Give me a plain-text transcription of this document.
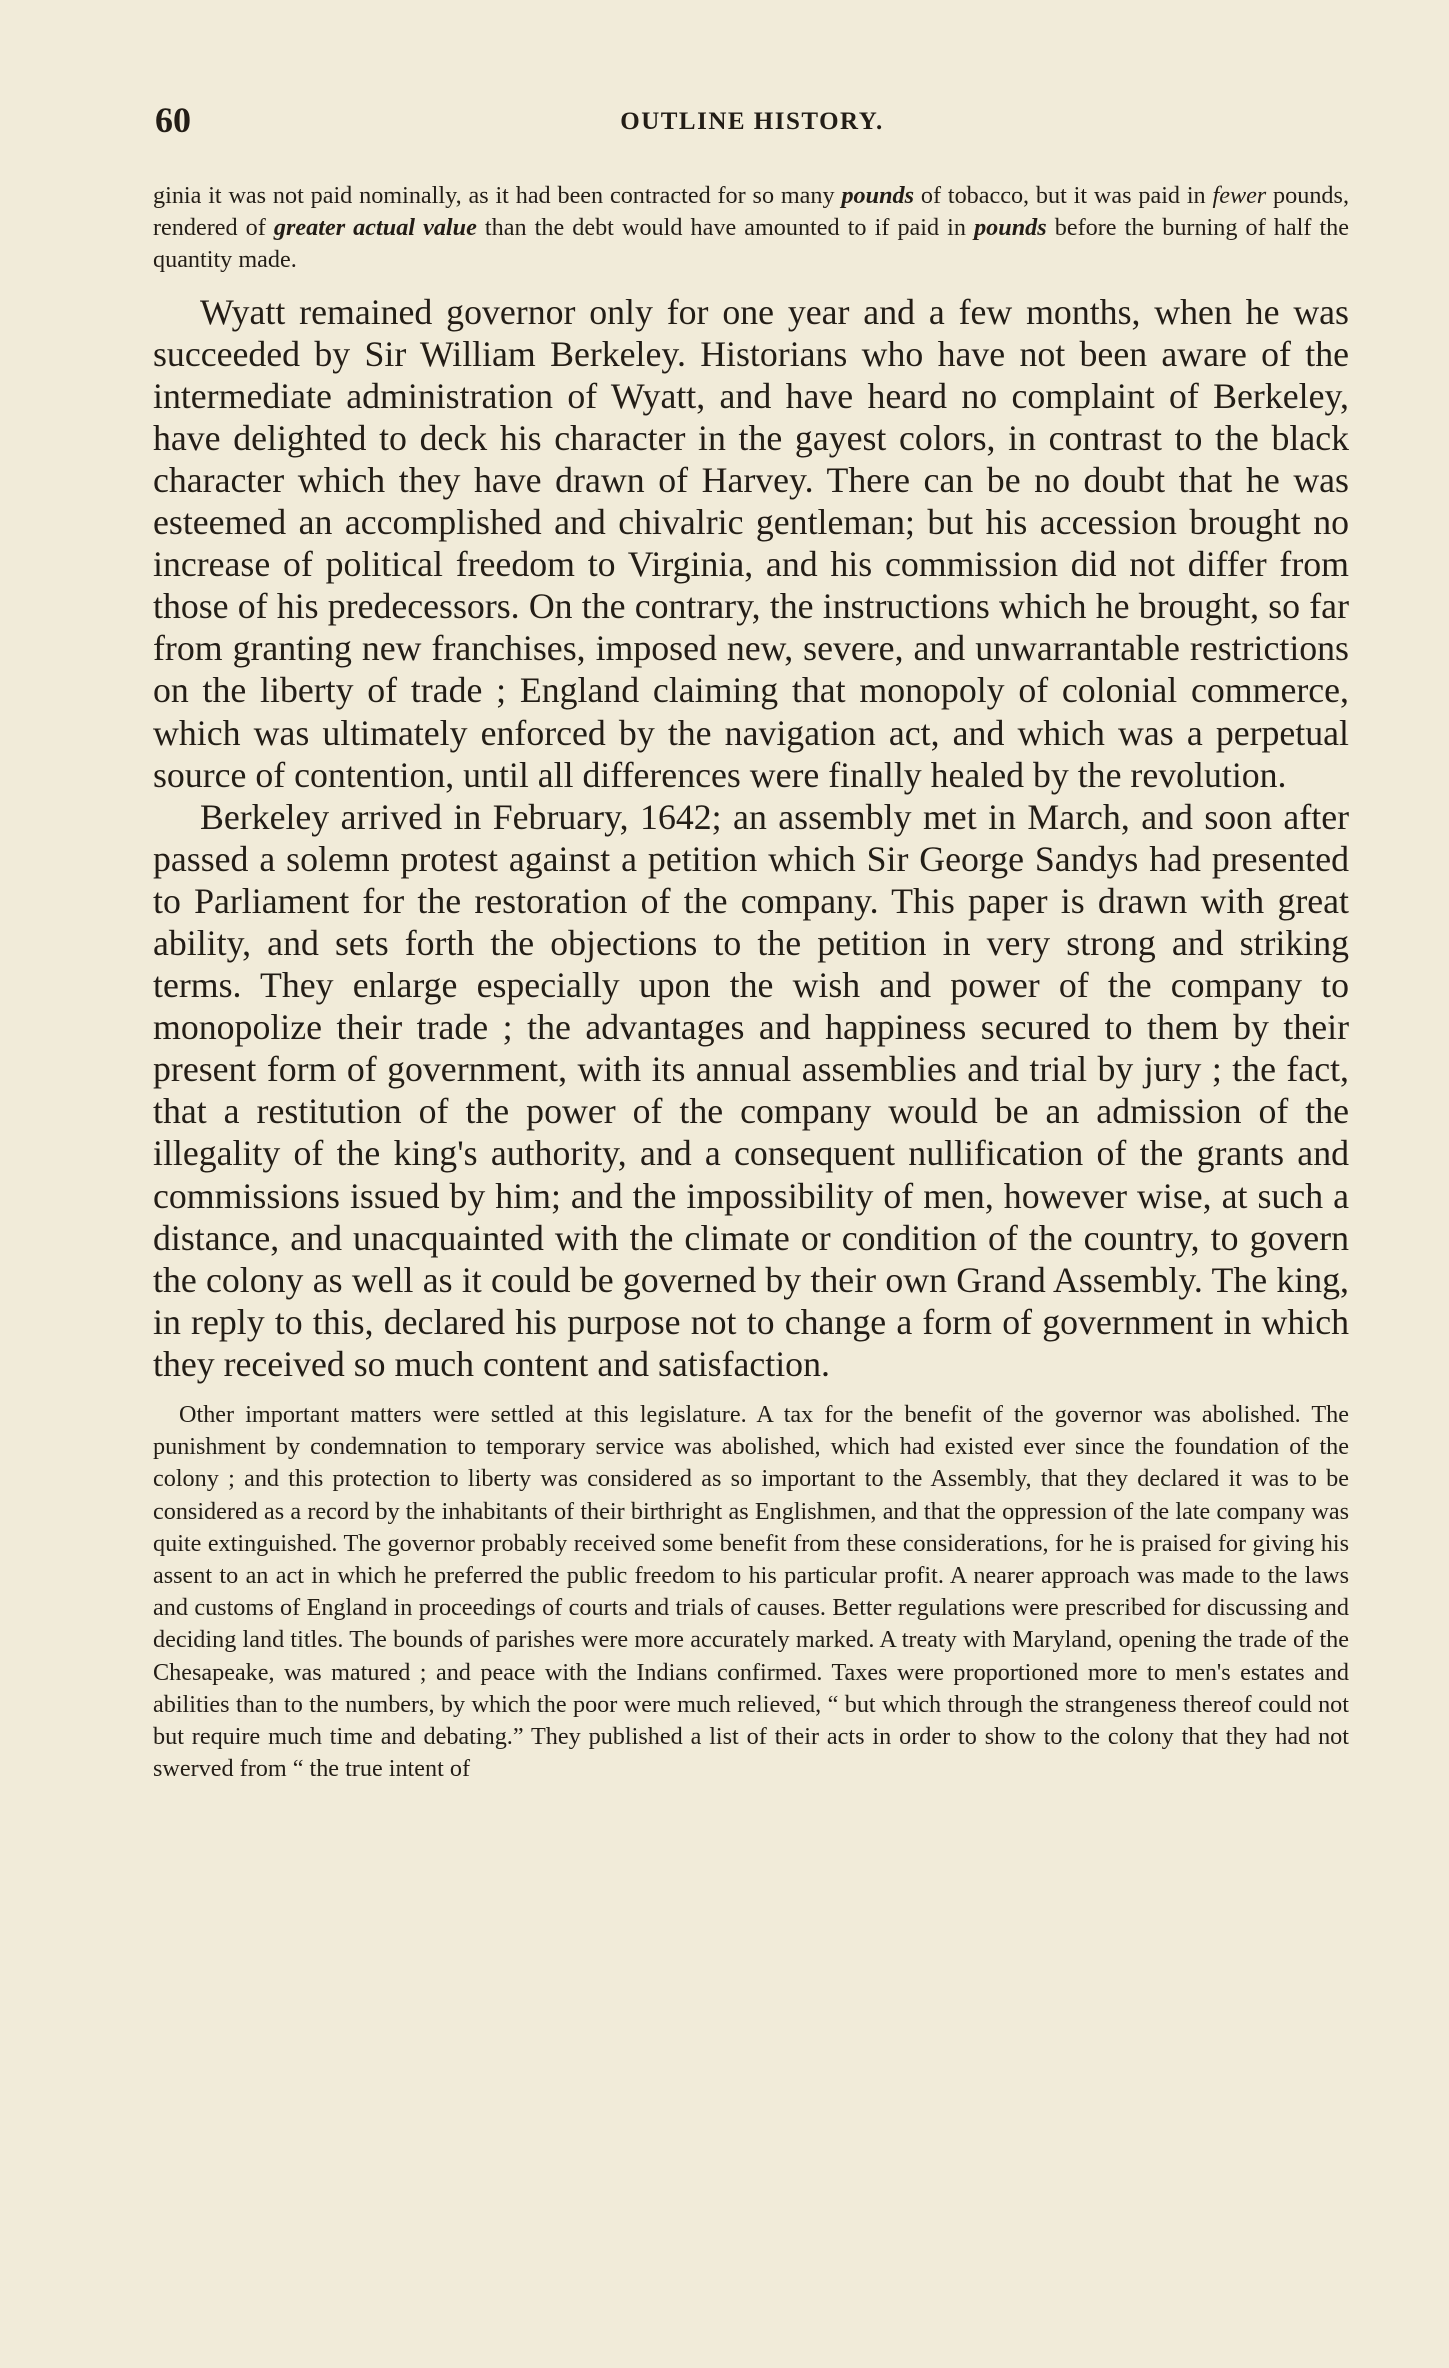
60	OUTLINE HISTORY.

ginia it was not paid nominally, as it had been contracted for so many pounds of tobacco, but it was paid in fewer pounds, rendered of greater actual value than the debt would have amounted to if paid in pounds before the burning of half the quantity made.

Wyatt remained governor only for one year and a few months, when he was succeeded by Sir William Berkeley. Historians who have not been aware of the intermediate administration of Wyatt, and have heard no complaint of Berkeley, have delighted to deck his character in the gayest colors, in contrast to the black character which they have drawn of Harvey. There can be no doubt that he was esteemed an accomplished and chivalric gentleman; but his accession brought no increase of political freedom to Virginia, and his commission did not differ from those of his predecessors. On the contrary, the instructions which he brought, so far from granting new franchises, imposed new, severe, and unwarrantable restrictions on the liberty of trade ; England claiming that monopoly of colonial commerce, which was ultimately enforced by the navigation act, and which was a perpetual source of contention, until all differences were finally healed by the revolution.

Berkeley arrived in February, 1642; an assembly met in March, and soon after passed a solemn protest against a petition which Sir George Sandys had presented to Parliament for the restoration of the company. This paper is drawn with great ability, and sets forth the objections to the petition in very strong and striking terms. They enlarge especially upon the wish and power of the company to monopolize their trade ; the advantages and happiness secured to them by their present form of government, with its annual assemblies and trial by jury ; the fact, that a restitution of the power of the company would be an admission of the illegality of the king's authority, and a consequent nullification of the grants and commissions issued by him; and the impossibility of men, however wise, at such a distance, and unacquainted with the climate or condition of the country, to govern the colony as well as it could be governed by their own Grand Assembly. The king, in reply to this, declared his purpose not to change a form of government in which they received so much content and satisfaction.

Other important matters were settled at this legislature. A tax for the benefit of the governor was abolished. The punishment by condemnation to temporary service was abolished, which had existed ever since the foundation of the colony ; and this protection to liberty was considered as so important to the Assembly, that they declared it was to be considered as a record by the inhabitants of their birthright as Englishmen, and that the oppression of the late company was quite extinguished. The governor probably received some benefit from these considerations, for he is praised for giving his assent to an act in which he preferred the public freedom to his particular profit. A nearer approach was made to the laws and customs of England in proceedings of courts and trials of causes. Better regulations were prescribed for discussing and deciding land titles. The bounds of parishes were more accurately marked. A treaty with Maryland, opening the trade of the Chesapeake, was matured ; and peace with the Indians confirmed. Taxes were proportioned more to men's estates and abilities than to the numbers, by which the poor were much relieved, “ but which through the strangeness thereof could not but require much time and debating.” They published a list of their acts in order to show to the colony that they had not swerved from “ the true intent of
